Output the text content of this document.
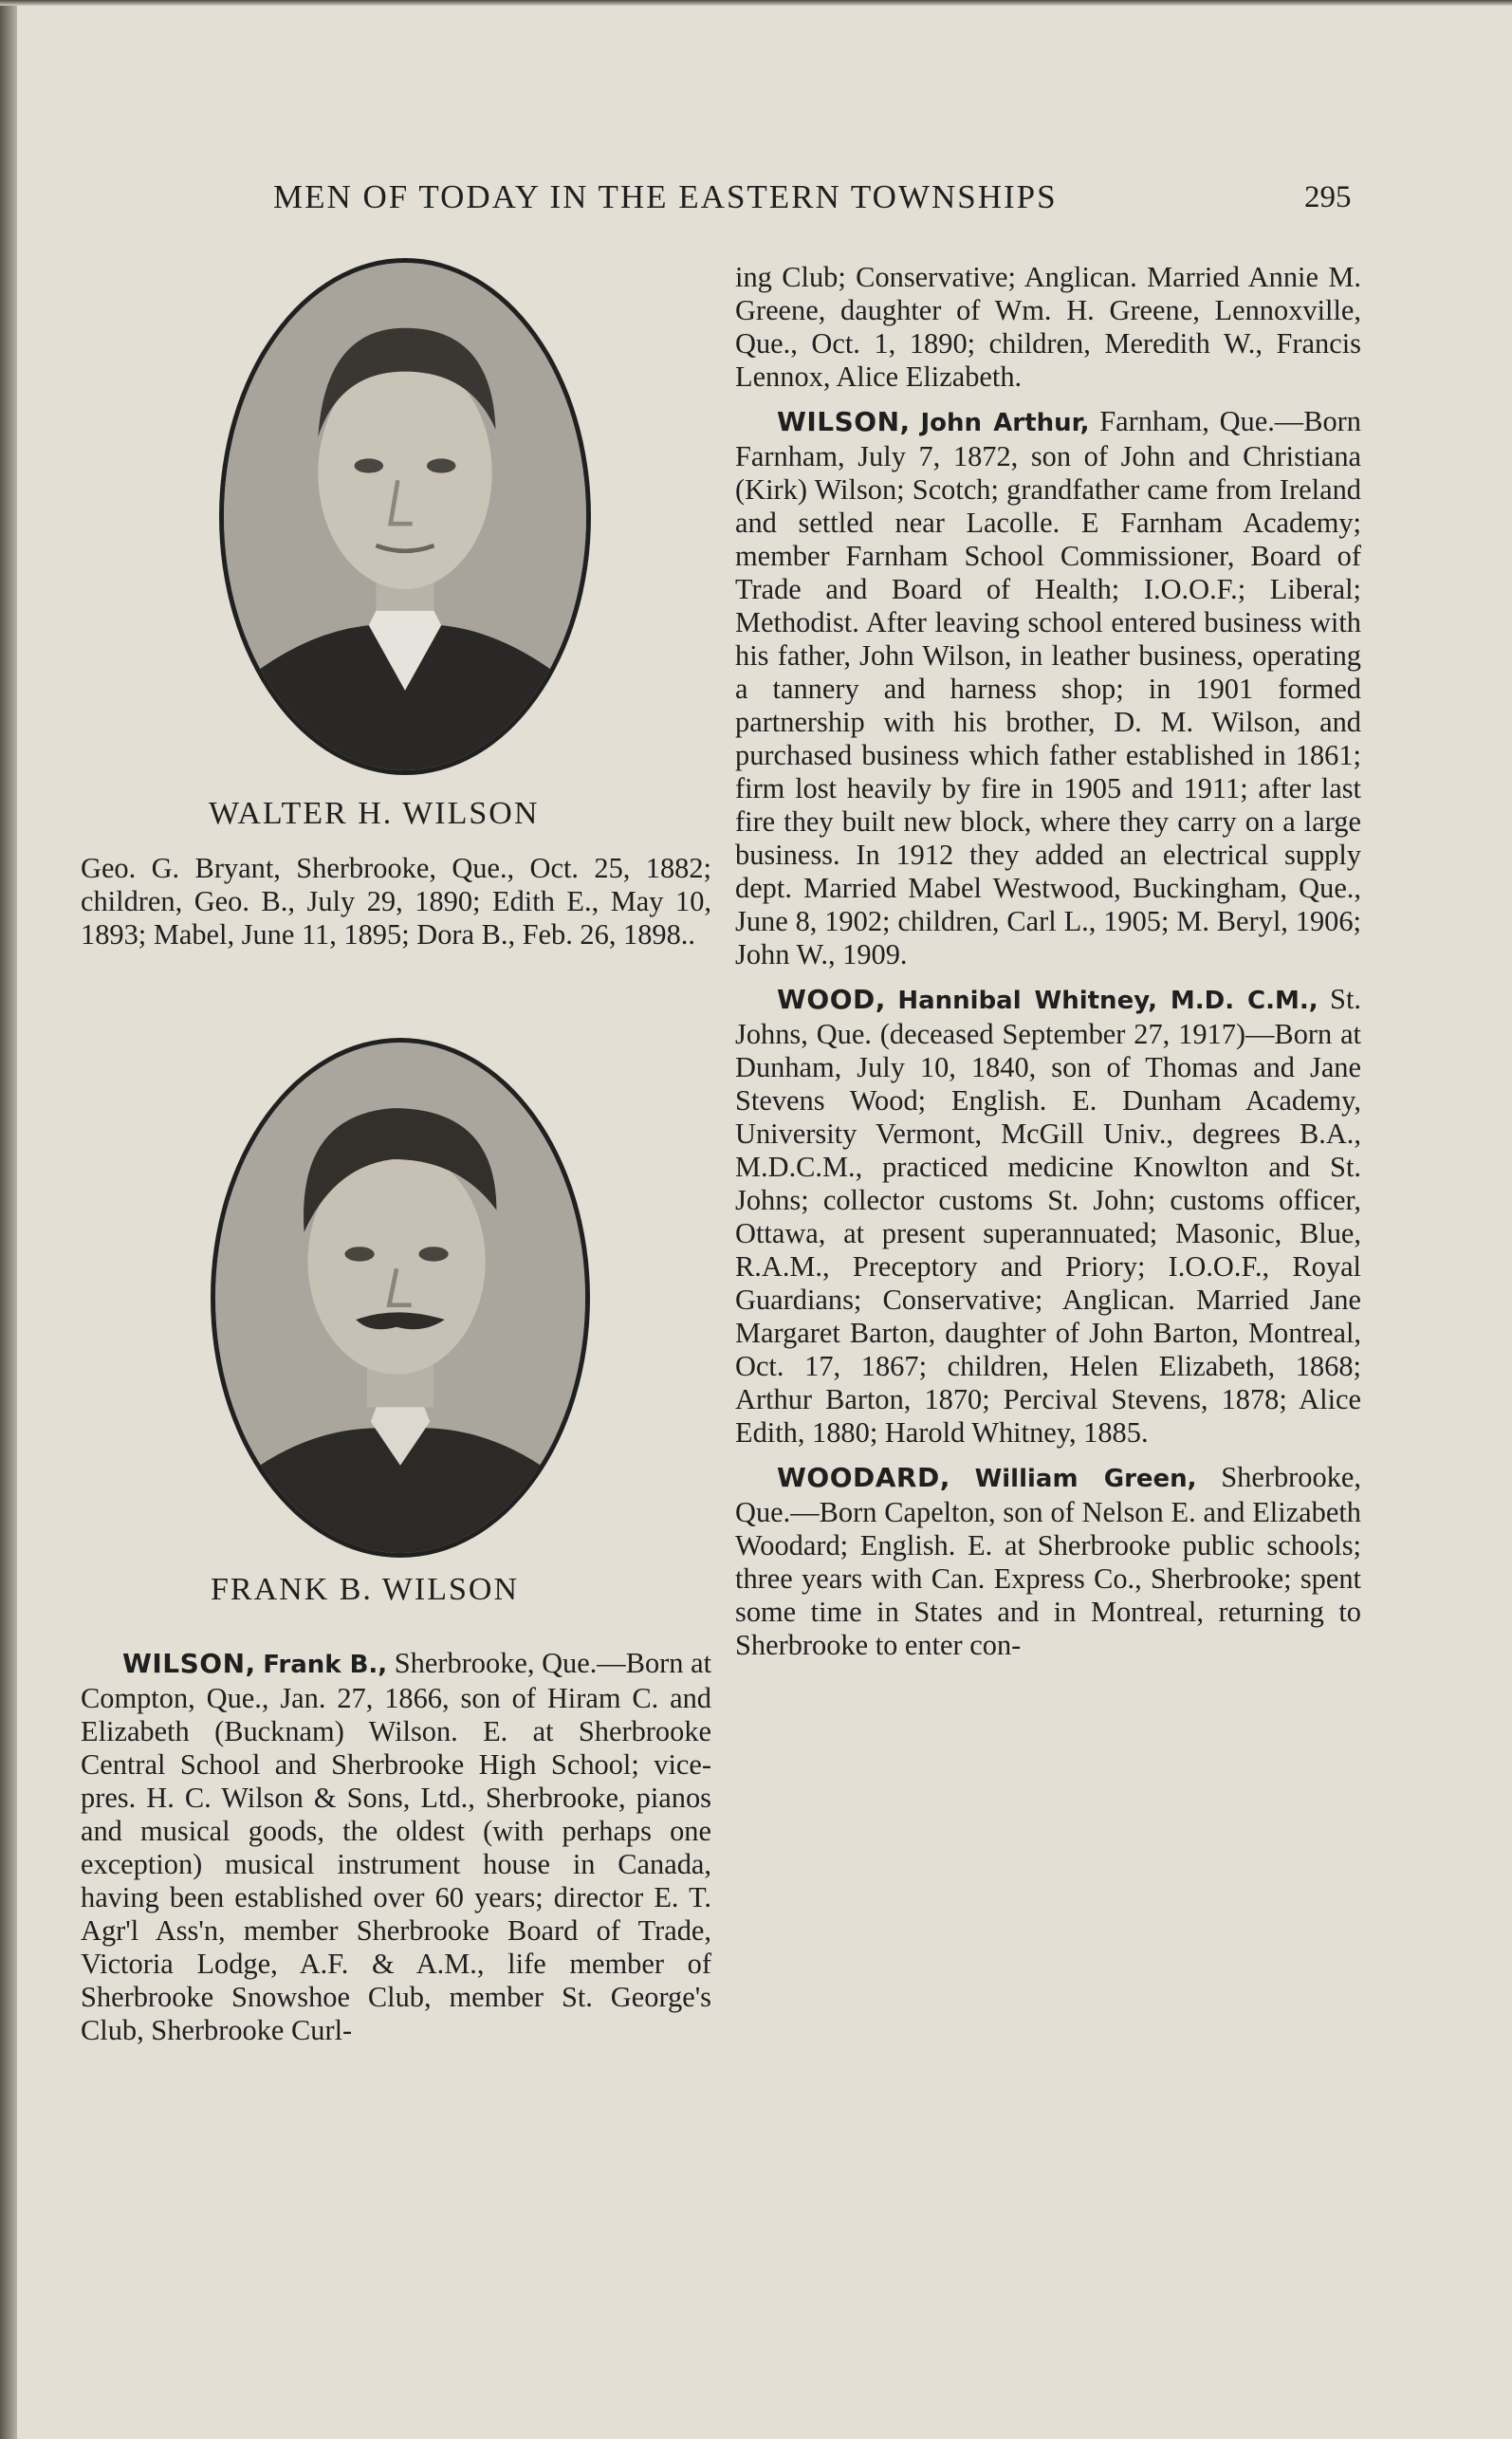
MEN OF TODAY IN THE EASTERN TOWNSHIPS	295
WALTER H. WILSON
FRANK B. WILSON

Geo. G. Bryant, Sherbrooke, Que., Oct. 25, 1882; children, Geo. B., July 29, 1890; Edith E., May 10, 1893; Mabel, June 11, 1895; Dora B., Feb. 26, 1898..

WILSON, Frank B., Sherbrooke, Que.—Born at Compton, Que., Jan. 27, 1866, son of Hiram C. and Elizabeth (Bucknam) Wilson. E. at Sherbrooke Central School and Sherbrooke High School; vice-pres. H. C. Wilson & Sons, Ltd., Sherbrooke, pianos and musical goods, the oldest (with perhaps one exception) musical instrument house in Canada, having been established over 60 years; director E. T. Agr'l Ass'n, member Sherbrooke Board of Trade, Victoria Lodge, A.F. & A.M., life member of Sherbrooke Snowshoe Club, member St. George's Club, Sherbrooke Curl-

ing Club; Conservative; Anglican. Married Annie M. Greene, daughter of Wm. H. Greene, Lennoxville, Que., Oct. 1, 1890; children, Meredith W., Francis Lennox, Alice Elizabeth.

WILSON, John Arthur, Farnham, Que.—Born Farnham, July 7, 1872, son of John and Christiana (Kirk) Wilson; Scotch; grandfather came from Ireland and settled near Lacolle. E Farnham Academy; member Farnham School Commissioner, Board of Trade and Board of Health; I.O.O.F.; Liberal; Methodist. After leaving school entered business with his father, John Wilson, in leather business, operating a tannery and harness shop; in 1901 formed partnership with his brother, D. M. Wilson, and purchased business which father established in 1861; firm lost heavily by fire in 1905 and 1911; after last fire they built new block, where they carry on a large business. In 1912 they added an electrical supply dept. Married Mabel Westwood, Buckingham, Que., June 8, 1902; children, Carl L., 1905; M. Beryl, 1906; John W., 1909.

WOOD, Hannibal Whitney, M.D. C.M., St. Johns, Que. (deceased September 27, 1917)—Born at Dunham, July 10, 1840, son of Thomas and Jane Stevens Wood; English. E. Dunham Academy, University Vermont, McGill Univ., degrees B.A., M.D.C.M., practiced medicine Knowlton and St. Johns; collector customs St. John; customs officer, Ottawa, at present superannuated; Masonic, Blue, R.A.M., Preceptory and Priory; I.O.O.F., Royal Guardians; Conservative; Anglican. Married Jane Margaret Barton, daughter of John Barton, Montreal, Oct. 17, 1867; children, Helen Elizabeth, 1868; Arthur Barton, 1870; Percival Stevens, 1878; Alice Edith, 1880; Harold Whitney, 1885.

WOODARD, William Green, Sherbrooke, Que.—Born Capelton, son of Nelson E. and Elizabeth Woodard; English. E. at Sherbrooke public schools; three years with Can. Express Co., Sherbrooke; spent some time in States and in Montreal, returning to Sherbrooke to enter con-
